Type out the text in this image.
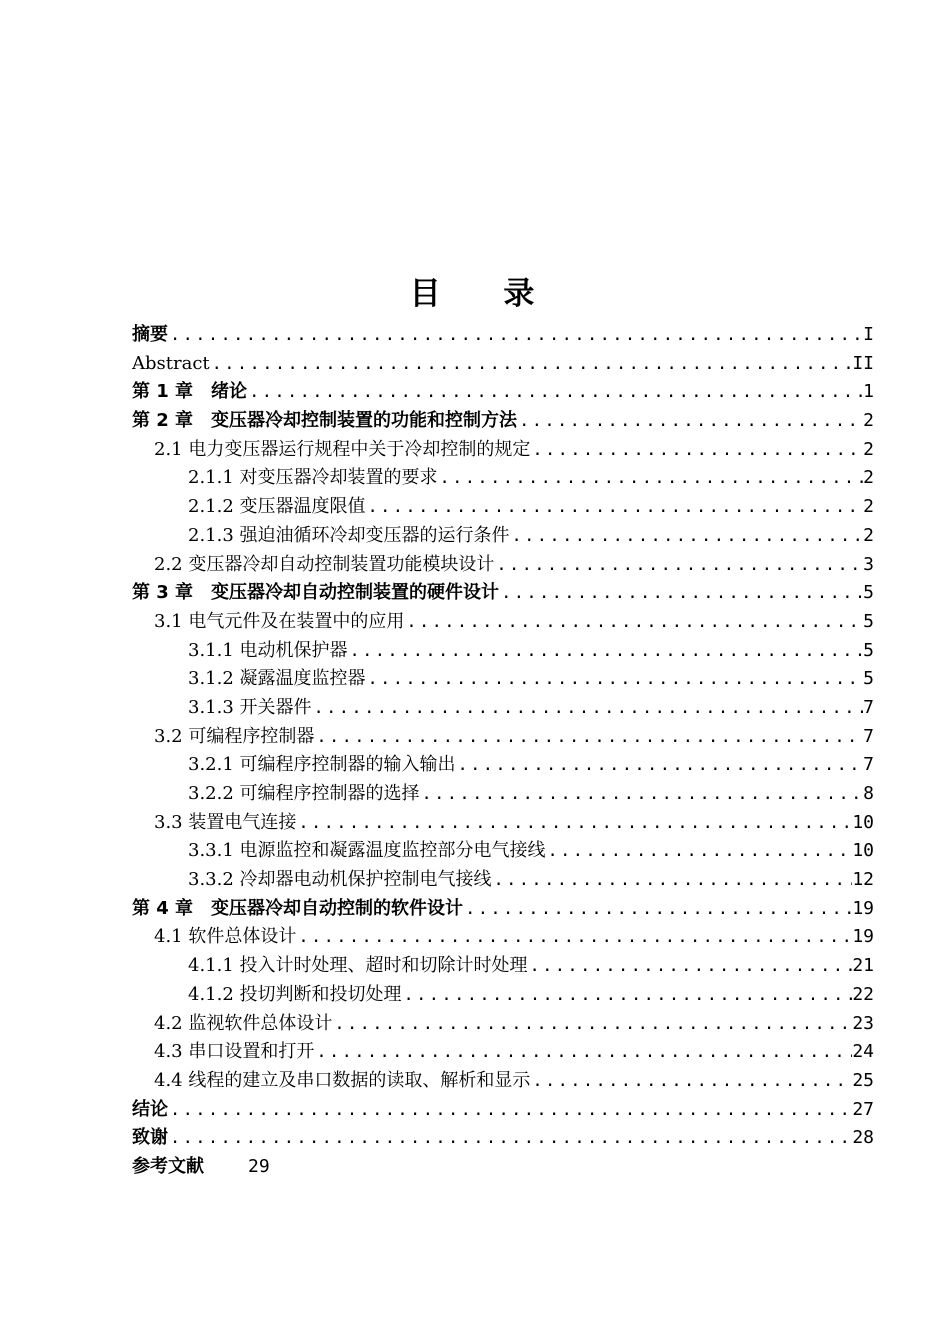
目 录
摘要 .....	I
Abstract .....	II
第 1 章　绪论 .....	1
第 2 章　变压器冷却控制装置的功能和控制方法 .....	2
2.1 电力变压器运行规程中关于冷却控制的规定 .....	2
2.1.1 对变压器冷却装置的要求 .....	2
2.1.2 变压器温度限值 .....	2
2.1.3 强迫油循环冷却变压器的运行条件 .....	2
2.2 变压器冷却自动控制装置功能模块设计 .....	3
第 3 章　变压器冷却自动控制装置的硬件设计 .....	5
3.1 电气元件及在装置中的应用 .....	5
3.1.1 电动机保护器 .....	5
3.1.2 凝露温度监控器 .....	5
3.1.3 开关器件 .....	7
3.2 可编程序控制器 .....	7
3.2.1 可编程序控制器的输入输出 .....	7
3.2.2 可编程序控制器的选择 .....	8
3.3 装置电气连接 .....	10
3.3.1 电源监控和凝露温度监控部分电气接线 .....	10
3.3.2 冷却器电动机保护控制电气接线 .....	12
第 4 章　变压器冷却自动控制的软件设计 .....	19
4.1 软件总体设计 .....	19
4.1.1 投入计时处理、超时和切除计时处理 .....	21
4.1.2 投切判断和投切处理 .....	22
4.2 监视软件总体设计 .....	23
4.3 串口设置和打开 .....	24
4.4 线程的建立及串口数据的读取、解析和显示 .....	25
结论 .....	27
致谢 .....	28
参考文献 29
